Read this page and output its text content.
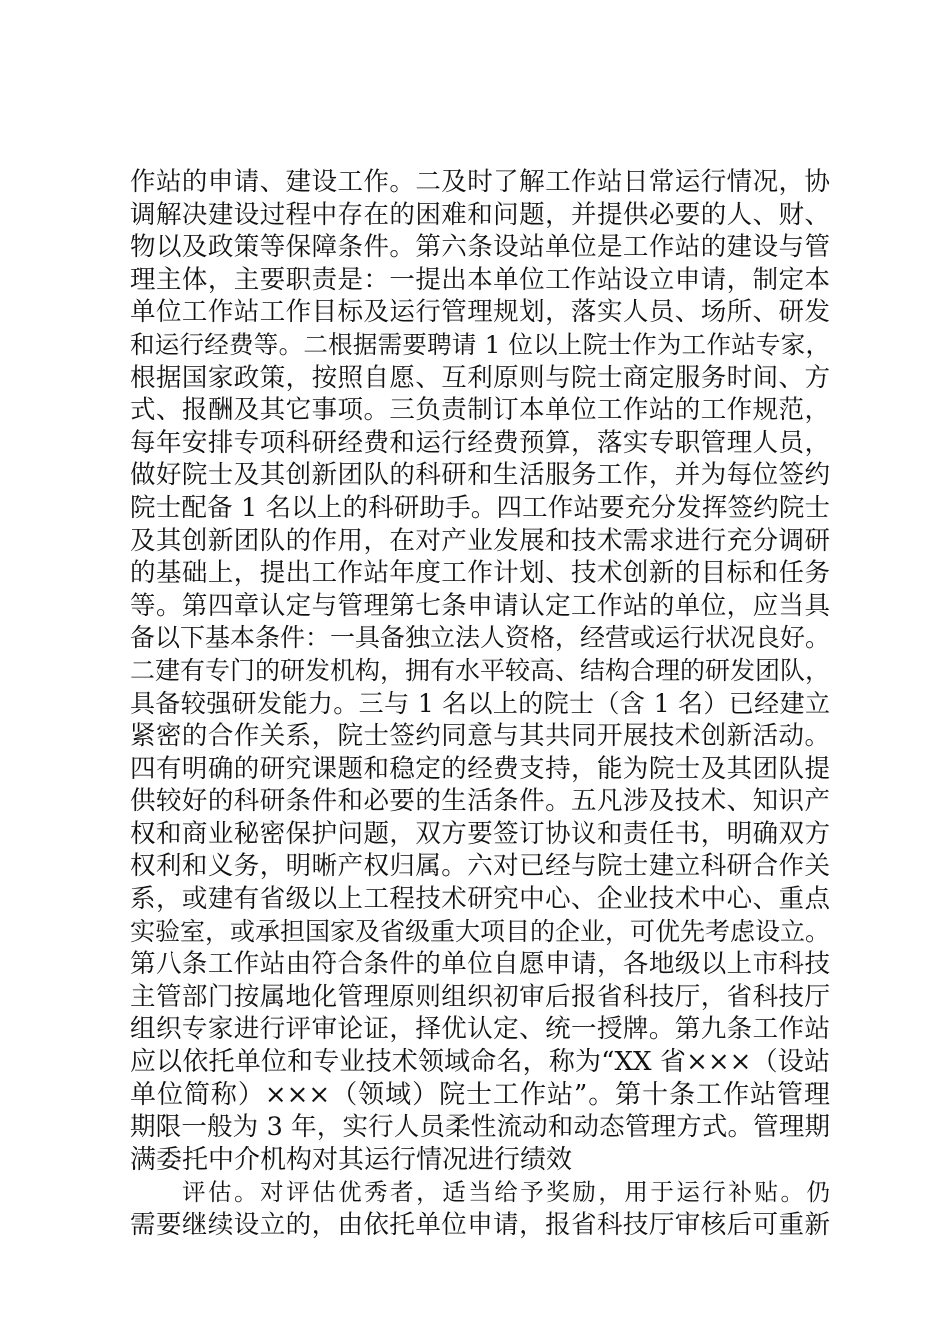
作站的申请、建设工作。二及时了解工作站日常运行情况，协
调解决建设过程中存在的困难和问题，并提供必要的人、财、
物以及政策等保障条件。第六条设站单位是工作站的建设与管
理主体，主要职责是：一提出本单位工作站设立申请，制定本
单位工作站工作目标及运行管理规划，落实人员、场所、研发
和运行经费等。二根据需要聘请 1 位以上院士作为工作站专家，
根据国家政策，按照自愿、互利原则与院士商定服务时间、方
式、报酬及其它事项。三负责制订本单位工作站的工作规范，
每年安排专项科研经费和运行经费预算，落实专职管理人员，
做好院士及其创新团队的科研和生活服务工作，并为每位签约
院士配备 1 名以上的科研助手。四工作站要充分发挥签约院士
及其创新团队的作用，在对产业发展和技术需求进行充分调研
的基础上，提出工作站年度工作计划、技术创新的目标和任务
等。第四章认定与管理第七条申请认定工作站的单位，应当具
备以下基本条件：一具备独立法人资格，经营或运行状况良好。
二建有专门的研发机构，拥有水平较高、结构合理的研发团队，
具备较强研发能力。三与 1 名以上的院士（含 1 名）已经建立
紧密的合作关系，院士签约同意与其共同开展技术创新活动。
四有明确的研究课题和稳定的经费支持，能为院士及其团队提
供较好的科研条件和必要的生活条件。五凡涉及技术、知识产
权和商业秘密保护问题，双方要签订协议和责任书，明确双方
权利和义务，明晰产权归属。六对已经与院士建立科研合作关
系，或建有省级以上工程技术研究中心、企业技术中心、重点
实验室，或承担国家及省级重大项目的企业，可优先考虑设立。
第八条工作站由符合条件的单位自愿申请，各地级以上市科技
主管部门按属地化管理原则组织初审后报省科技厅，省科技厅
组织专家进行评审论证，择优认定、统一授牌。第九条工作站
应以依托单位和专业技术领域命名，称为“XX 省×××（设站
单位简称）×××（领域）院士工作站”。第十条工作站管理
期限一般为 3 年，实行人员柔性流动和动态管理方式。管理期
满委托中介机构对其运行情况进行绩效
评估。对评估优秀者，适当给予奖励，用于运行补贴。仍
需要继续设立的，由依托单位申请，报省科技厅审核后可重新
